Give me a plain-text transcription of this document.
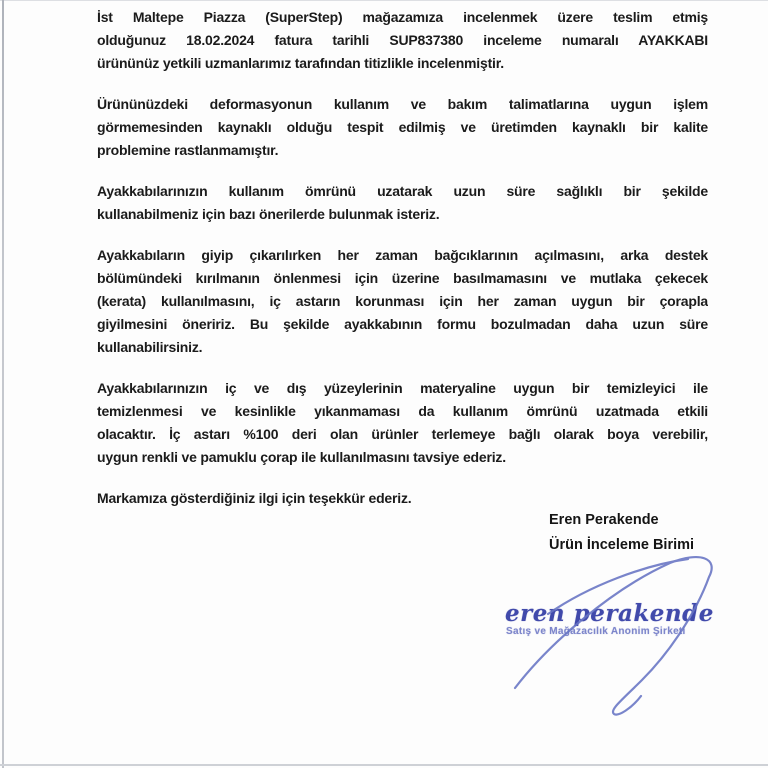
İst Maltepe Piazza (SuperStep) mağazamıza incelenmek üzere teslim etmiş
olduğunuz 18.02.2024 fatura tarihli SUP837380 inceleme numaralı AYAKKABI
ürününüz yetkili uzmanlarımız tarafından titizlikle incelenmiştir.
Ürününüzdeki deformasyonun kullanım ve bakım talimatlarına uygun işlem
görmemesinden kaynaklı olduğu tespit edilmiş ve üretimden kaynaklı bir kalite
problemine rastlanmamıştır.
Ayakkabılarınızın kullanım ömrünü uzatarak uzun süre sağlıklı bir şekilde
kullanabilmeniz için bazı önerilerde bulunmak isteriz.
Ayakkabıların giyip çıkarılırken her zaman bağcıklarının açılmasını, arka destek
bölümündeki kırılmanın önlenmesi için üzerine basılmamasını ve mutlaka çekecek
(kerata) kullanılmasını, iç astarın korunması için her zaman uygun bir çorapla
giyilmesini öneririz. Bu şekilde ayakkabının formu bozulmadan daha uzun süre
kullanabilirsiniz.
Ayakkabılarınızın iç ve dış yüzeylerinin materyaline uygun bir temizleyici ile
temizlenmesi ve kesinlikle yıkanmaması da kullanım ömrünü uzatmada etkili
olacaktır. İç astarı %100 deri olan ürünler terlemeye bağlı olarak boya verebilir,
uygun renkli ve pamuklu çorap ile kullanılmasını tavsiye ederiz.
Markamıza gösterdiğiniz ilgi için teşekkür ederiz.
Eren Perakende
Ürün İnceleme Birimi
eren perakende
Satış ve Mağazacılık Anonim Şirketi
